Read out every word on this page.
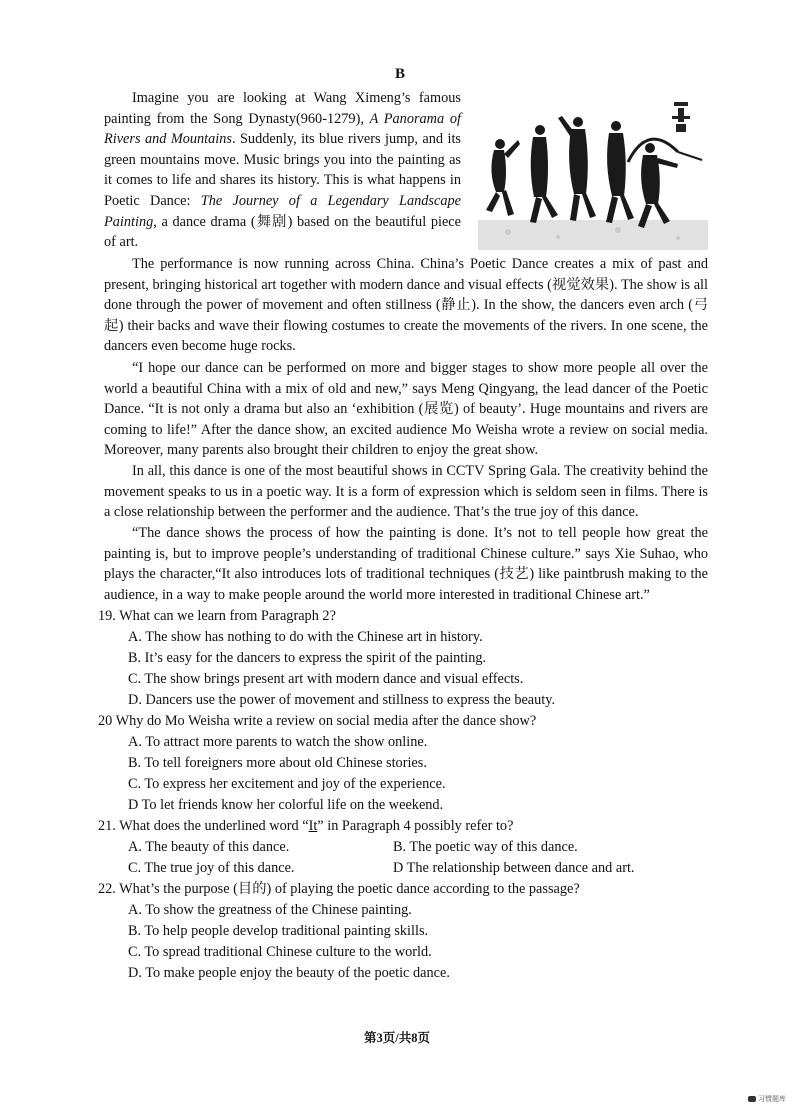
B

Imagine you are looking at Wang Ximeng’s famous painting from the Song Dynasty(960-1279), A Panorama of Rivers and Mountains. Suddenly, its blue rivers jump, and its green mountains move. Music brings you into the painting as it comes to life and shares its history. This is what happens in Poetic Dance: The Journey of a Legendary Landscape Painting, a dance drama (舞剧) based on the beautiful piece of art.

The performance is now running across China. China’s Poetic Dance creates a mix of past and present, bringing historical art together with modern dance and visual effects (视觉效果). The show is all done through the power of movement and often stillness (静止). In the show, the dancers even arch (弓起) their backs and wave their flowing costumes to create the movements of the rivers. In one scene, the dancers even become huge rocks.

“I hope our dance can be performed on more and bigger stages to show more people all over the world a beautiful China with a mix of old and new,” says Meng Qingyang, the lead dancer of the Poetic Dance. “It is not only a drama but also an ‘exhibition (展览) of beauty’. Huge mountains and rivers are coming to life!” After the dance show, an excited audience Mo Weisha wrote a review on social media. Moreover, many parents also brought their children to enjoy the great show.

In all, this dance is one of the most beautiful shows in CCTV Spring Gala. The creativity behind the movement speaks to us in a poetic way. It is a form of expression which is seldom seen in films. There is a close relationship between the performer and the audience. That’s the true joy of this dance.

“The dance shows the process of how the painting is done. It’s not to tell people how great the painting is, but to improve people’s understanding of traditional Chinese culture.” says Xie Suhao, who plays the character,“It also introduces lots of traditional techniques (技艺) like paintbrush making to the audience, in a way to make people around the world more interested in traditional Chinese art.”

19. What can we learn from Paragraph 2?

A. The show has nothing to do with the Chinese art in history.

B. It’s easy for the dancers to express the spirit of the painting.

C. The show brings present art with modern dance and visual effects.

D. Dancers use the power of movement and stillness to express the beauty.

20 Why do Mo Weisha write a review on social media after the dance show?

A. To attract more parents to watch the show online.

B. To tell foreigners more about old Chinese stories.

C. To express her excitement and joy of the experience.

D To let friends know her colorful life on the weekend.

21. What does the underlined word “It” in Paragraph 4 possibly refer to?

A. The beauty of this dance.	B. The poetic way of this dance.

C. The true joy of this dance.	D The relationship between dance and art.

22. What’s the purpose (目的) of playing the poetic dance according to the passage?

A. To show the greatness of the Chinese painting.

B. To help people develop traditional painting skills.

C. To spread traditional Chinese culture to the world.

D. To make people enjoy the beauty of the poetic dance.

第3页/共8页
习惯题库
